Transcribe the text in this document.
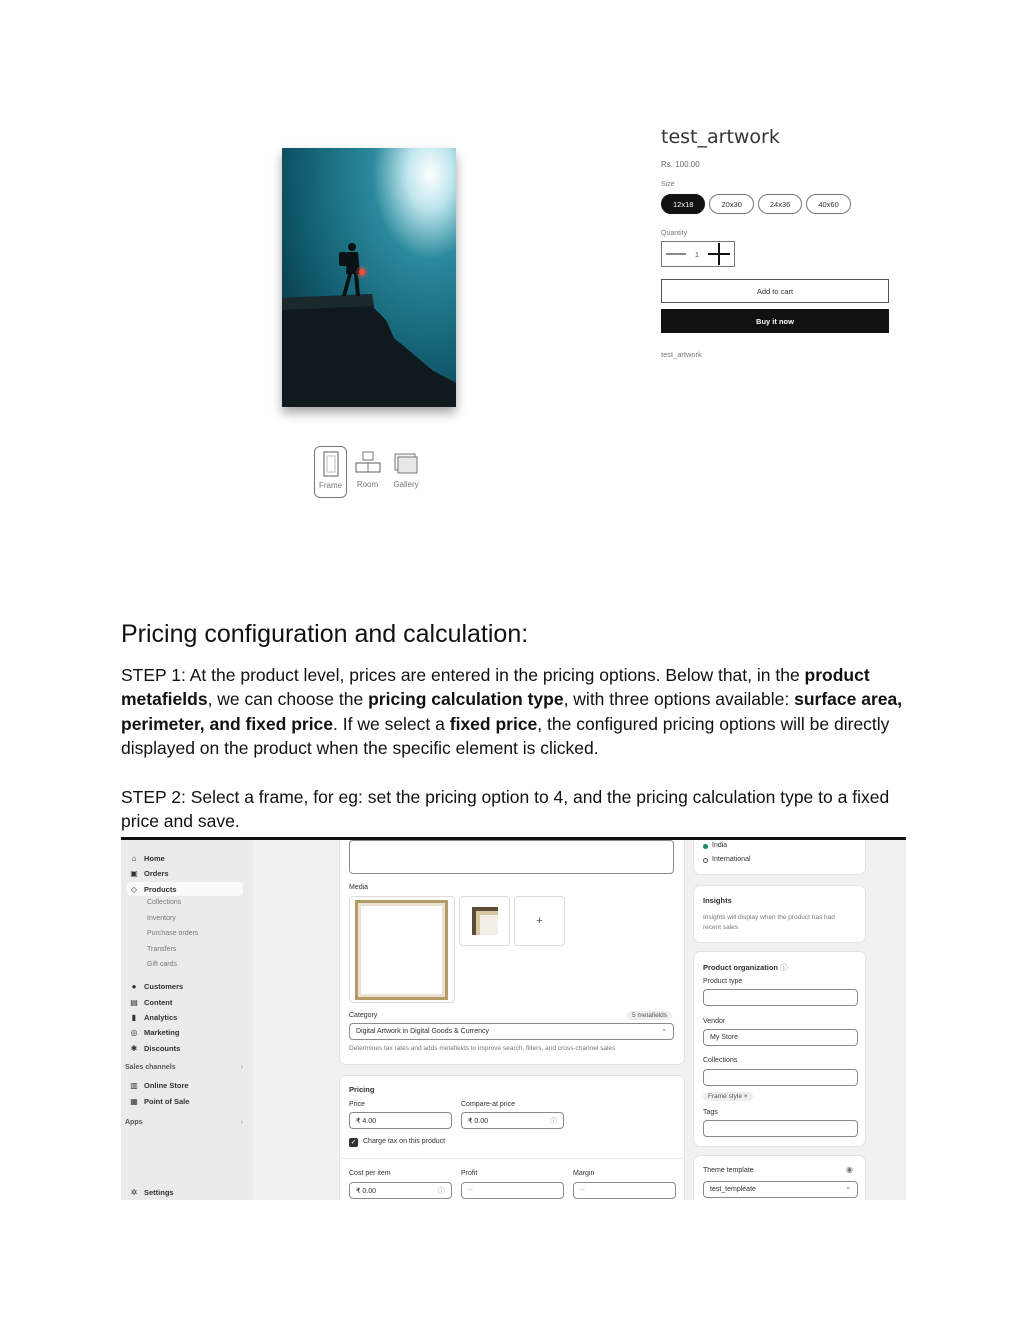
Frame Room Gallery
test_artwork
Rs. 100.00
Size
12x18	20x30	24x36	40x60
Quantity
1
Add to cart
Buy it now
test_artwork
Pricing configuration and calculation:

STEP 1: At the product level, prices are entered in the pricing options. Below that, in the product metafields, we can choose the pricing calculation type, with three options available: surface area, perimeter, and fixed price. If we select a fixed price, the configured pricing options will be directly displayed on the product when the specific element is clicked.

STEP 2: Select a frame, for eg: set the pricing option to 4, and the pricing calculation type to a fixed price and save.

⌂	Home
▣ Orders
◇ Products
Collections
Inventory
Purchase orders
Transfers
Gift cards
●	Customers
▤ Content
▮	Analytics
◎ Marketing
✱ Discounts
Sales channels	›
▥ Online Store
▦ Point of Sale
Apps	›
✲ Settings
Media
+
Category	5 metafields
Digital Artwork in Digital Goods & Currency	⌃
Determines tax rates and adds metafields to improve search, filters, and cross-channel sales
Pricing
Price
₹ 4.00
Compare-at price
₹ 0.00	ⓘ
✓ Charge tax on this product
Cost per item
₹ 0.00	ⓘ
Profit
--
Margin
--
India
International
Insights
Insights will display when the product has had recent sales
Product organization ⓘ
Product type
Vendor
My Store
Collections
Frame style ×
Tags
Theme template	◉
test_templeate	⌃
